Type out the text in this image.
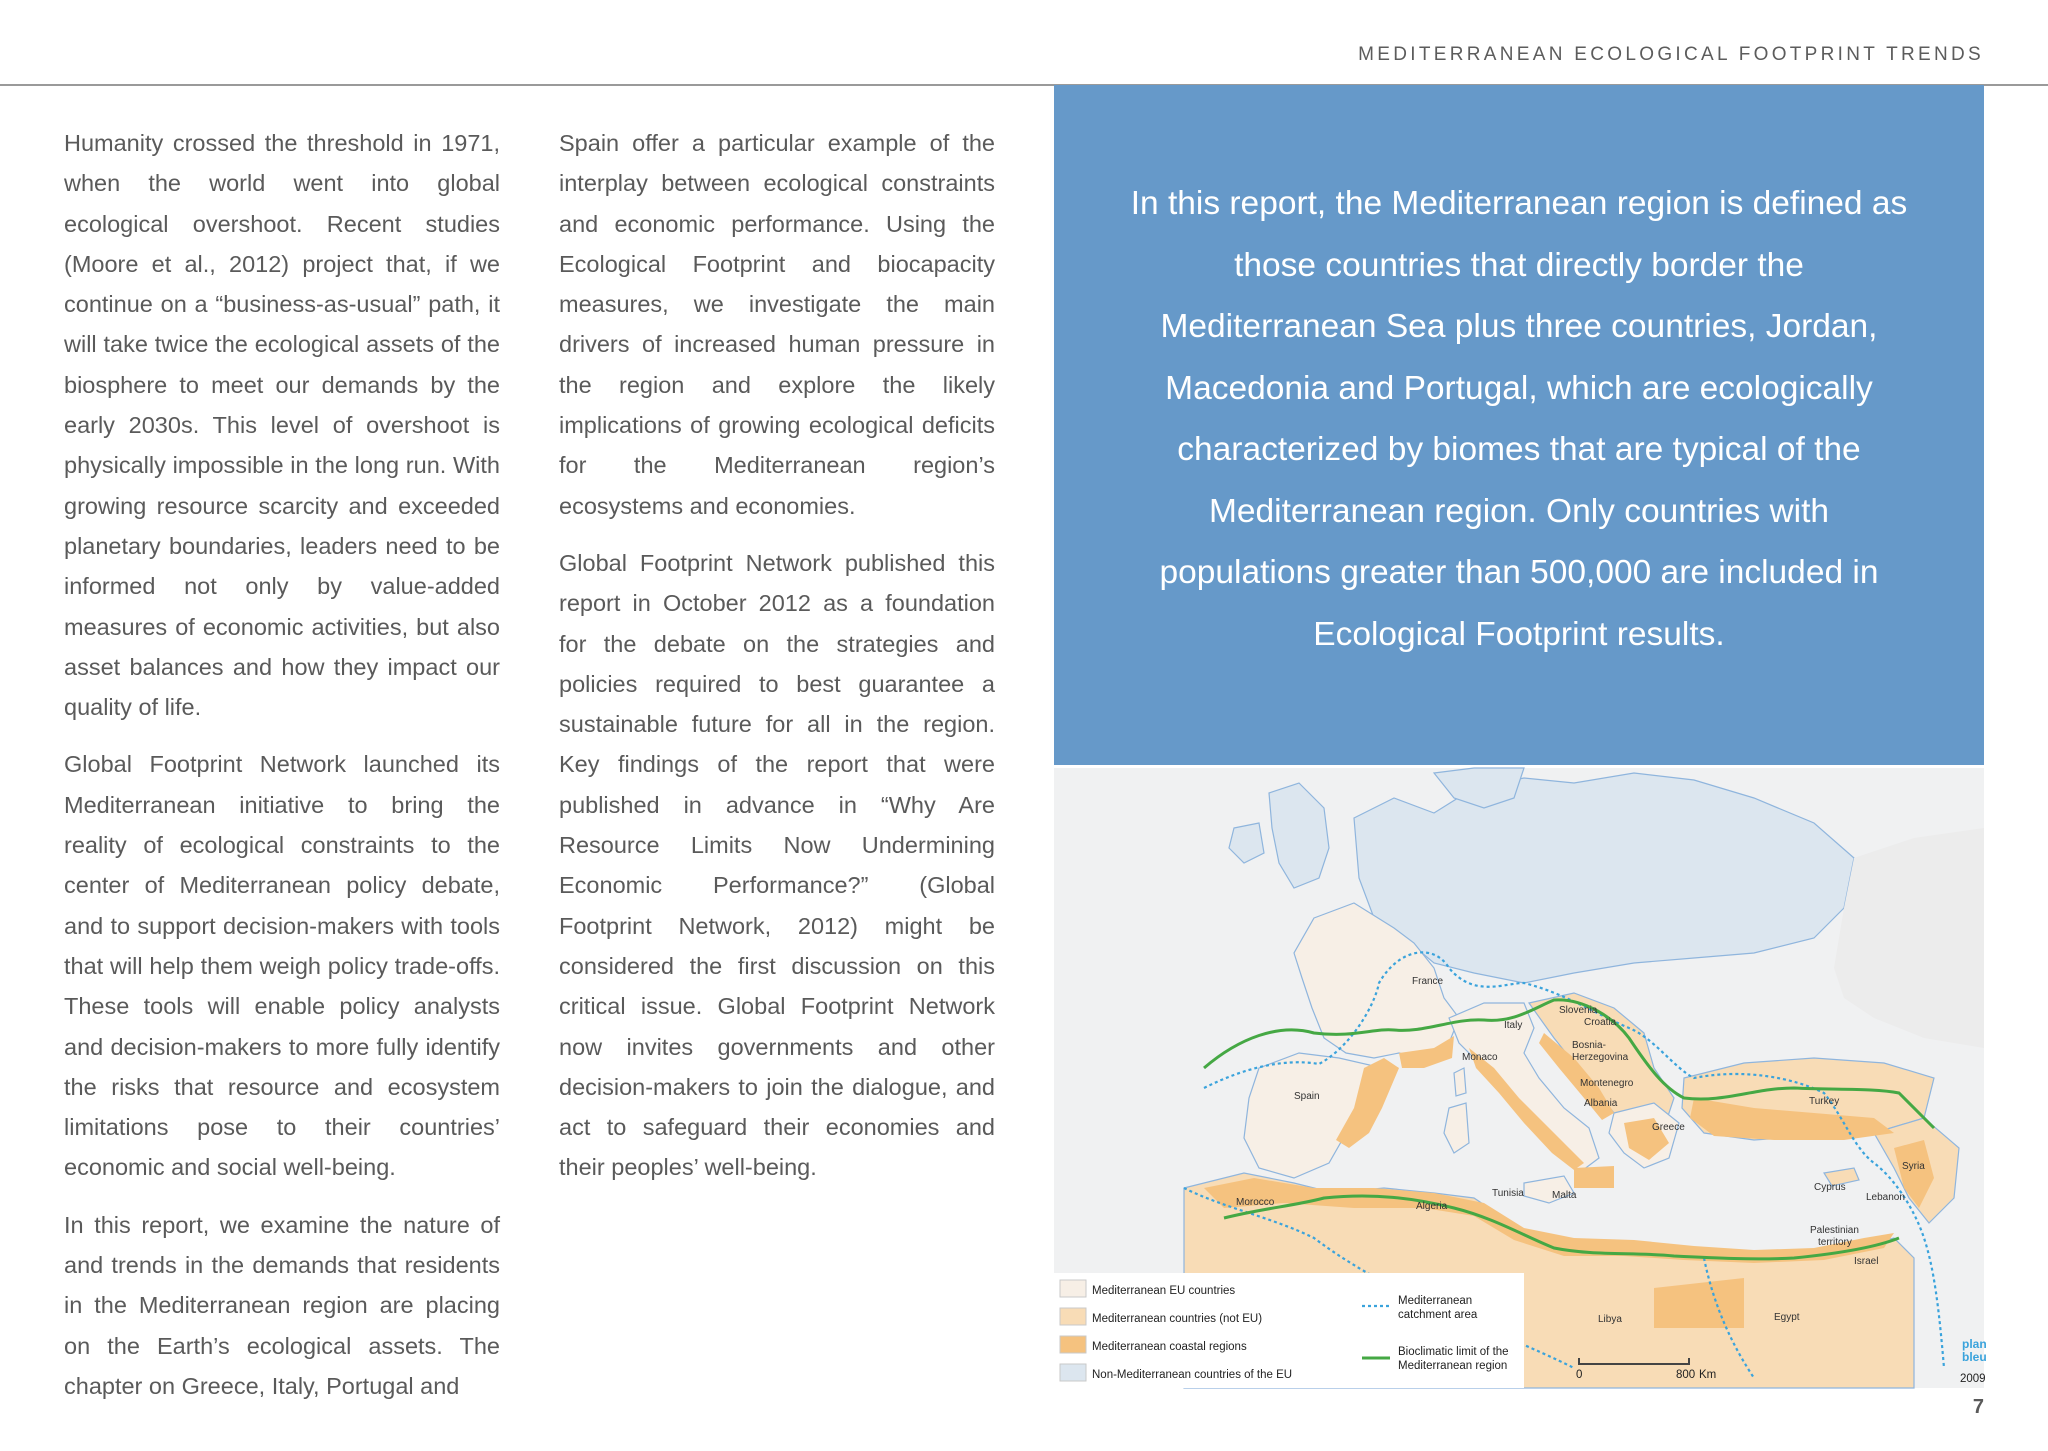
MEDITERRANEAN ECOLOGICAL FOOTPRINT TRENDS

Humanity crossed the threshold in 1971, when the world went into global ecological overshoot. Recent studies (Moore et al., 2012) project that, if we continue on a “business-as-usual” path, it will take twice the ecological assets of the biosphere to meet our demands by the early 2030s. This level of overshoot is physically impossible in the long run. With growing resource scarcity and exceeded planetary boundaries, leaders need to be informed not only by value-added measures of economic activities, but also asset balances and how they impact our quality of life.

Global Footprint Network launched its Mediterranean initiative to bring the reality of ecological constraints to the center of Mediterranean policy debate, and to support decision-makers with tools that will help them weigh policy trade-offs. These tools will enable policy analysts and decision-makers to more fully identify the risks that resource and ecosystem limitations pose to their countries’ economic and social well-being.

In this report, we examine the nature of and trends in the demands that residents in the Mediterranean region are placing on the Earth’s ecological assets. The chapter on Greece, Italy, Portugal and

Spain offer a particular example of the interplay between ecological constraints and economic performance. Using the Ecological Footprint and biocapacity measures, we investigate the main drivers of increased human pressure in the region and explore the likely implications of growing ecological deficits for the Mediterranean region’s ecosystems and economies.

Global Footprint Network published this report in October 2012 as a foundation for the debate on the strategies and policies required to best guarantee a sustainable future for all in the region. Key findings of the report that were published in advance in “Why Are Resource Limits Now Undermining Economic Performance?” (Global Footprint Network, 2012) might be considered the first discussion on this critical issue. Global Footprint Network now invites governments and other decision-makers to join the dialogue, and act to safeguard their economies and their peoples’ well-being.

In this report, the Mediterranean region is defined as those countries that directly border the Mediterranean Sea plus three countries, Jordan, Macedonia and Portugal, which are ecologically characterized by biomes that are typical of the Mediterranean region. Only countries with populations greater than 500,000 are included in Ecological Footprint results.
France
Spain
Italy
Monaco
Slovenia
Croatia
Bosnia-
Herzegovina
Montenegro
Albania
Greece
Turkey
Syria
Cyprus
Lebanon
Palestinian
territory
Israel
Morocco	Algeria
Tunisia	Malta
Libya	Egypt
Mediterranean EU countries
Mediterranean countries (not EU)
Mediterranean coastal regions
Non-Mediterranean countries of the EU
Mediterranean
catchment area
Bioclimatic limit of the
Mediterranean region
0	800 Km
plan
bleu
2009
7
